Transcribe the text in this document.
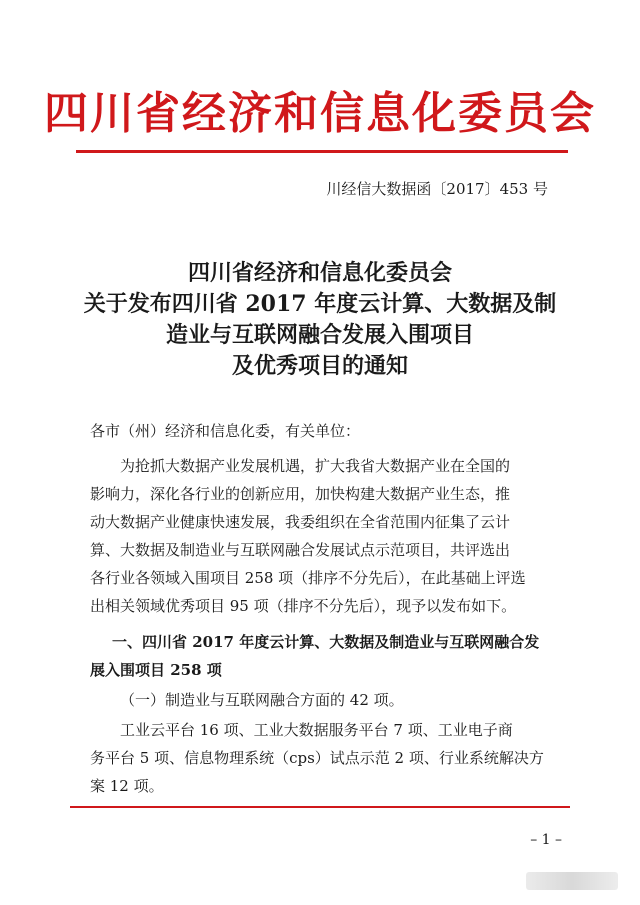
四川省经济和信息化委员会
川经信大数据函〔2017〕453 号
四川省经济和信息化委员会
关于发布四川省 2017 年度云计算、大数据及制
造业与互联网融合发展入围项目
及优秀项目的通知
各市（州）经济和信息化委，有关单位：
为抢抓大数据产业发展机遇，扩大我省大数据产业在全国的
影响力，深化各行业的创新应用，加快构建大数据产业生态，推
动大数据产业健康快速发展，我委组织在全省范围内征集了云计
算、大数据及制造业与互联网融合发展试点示范项目，共评选出
各行业各领域入围项目 258 项（排序不分先后），在此基础上评选
出相关领域优秀项目 95 项（排序不分先后），现予以发布如下。
一、四川省 2017 年度云计算、大数据及制造业与互联网融合发
展入围项目 258 项
（一）制造业与互联网融合方面的 42 项。
工业云平台 16 项、工业大数据服务平台 7 项、工业电子商
务平台 5 项、信息物理系统（cps）试点示范 2 项、行业系统解决方
案 12 项。
– 1 –
